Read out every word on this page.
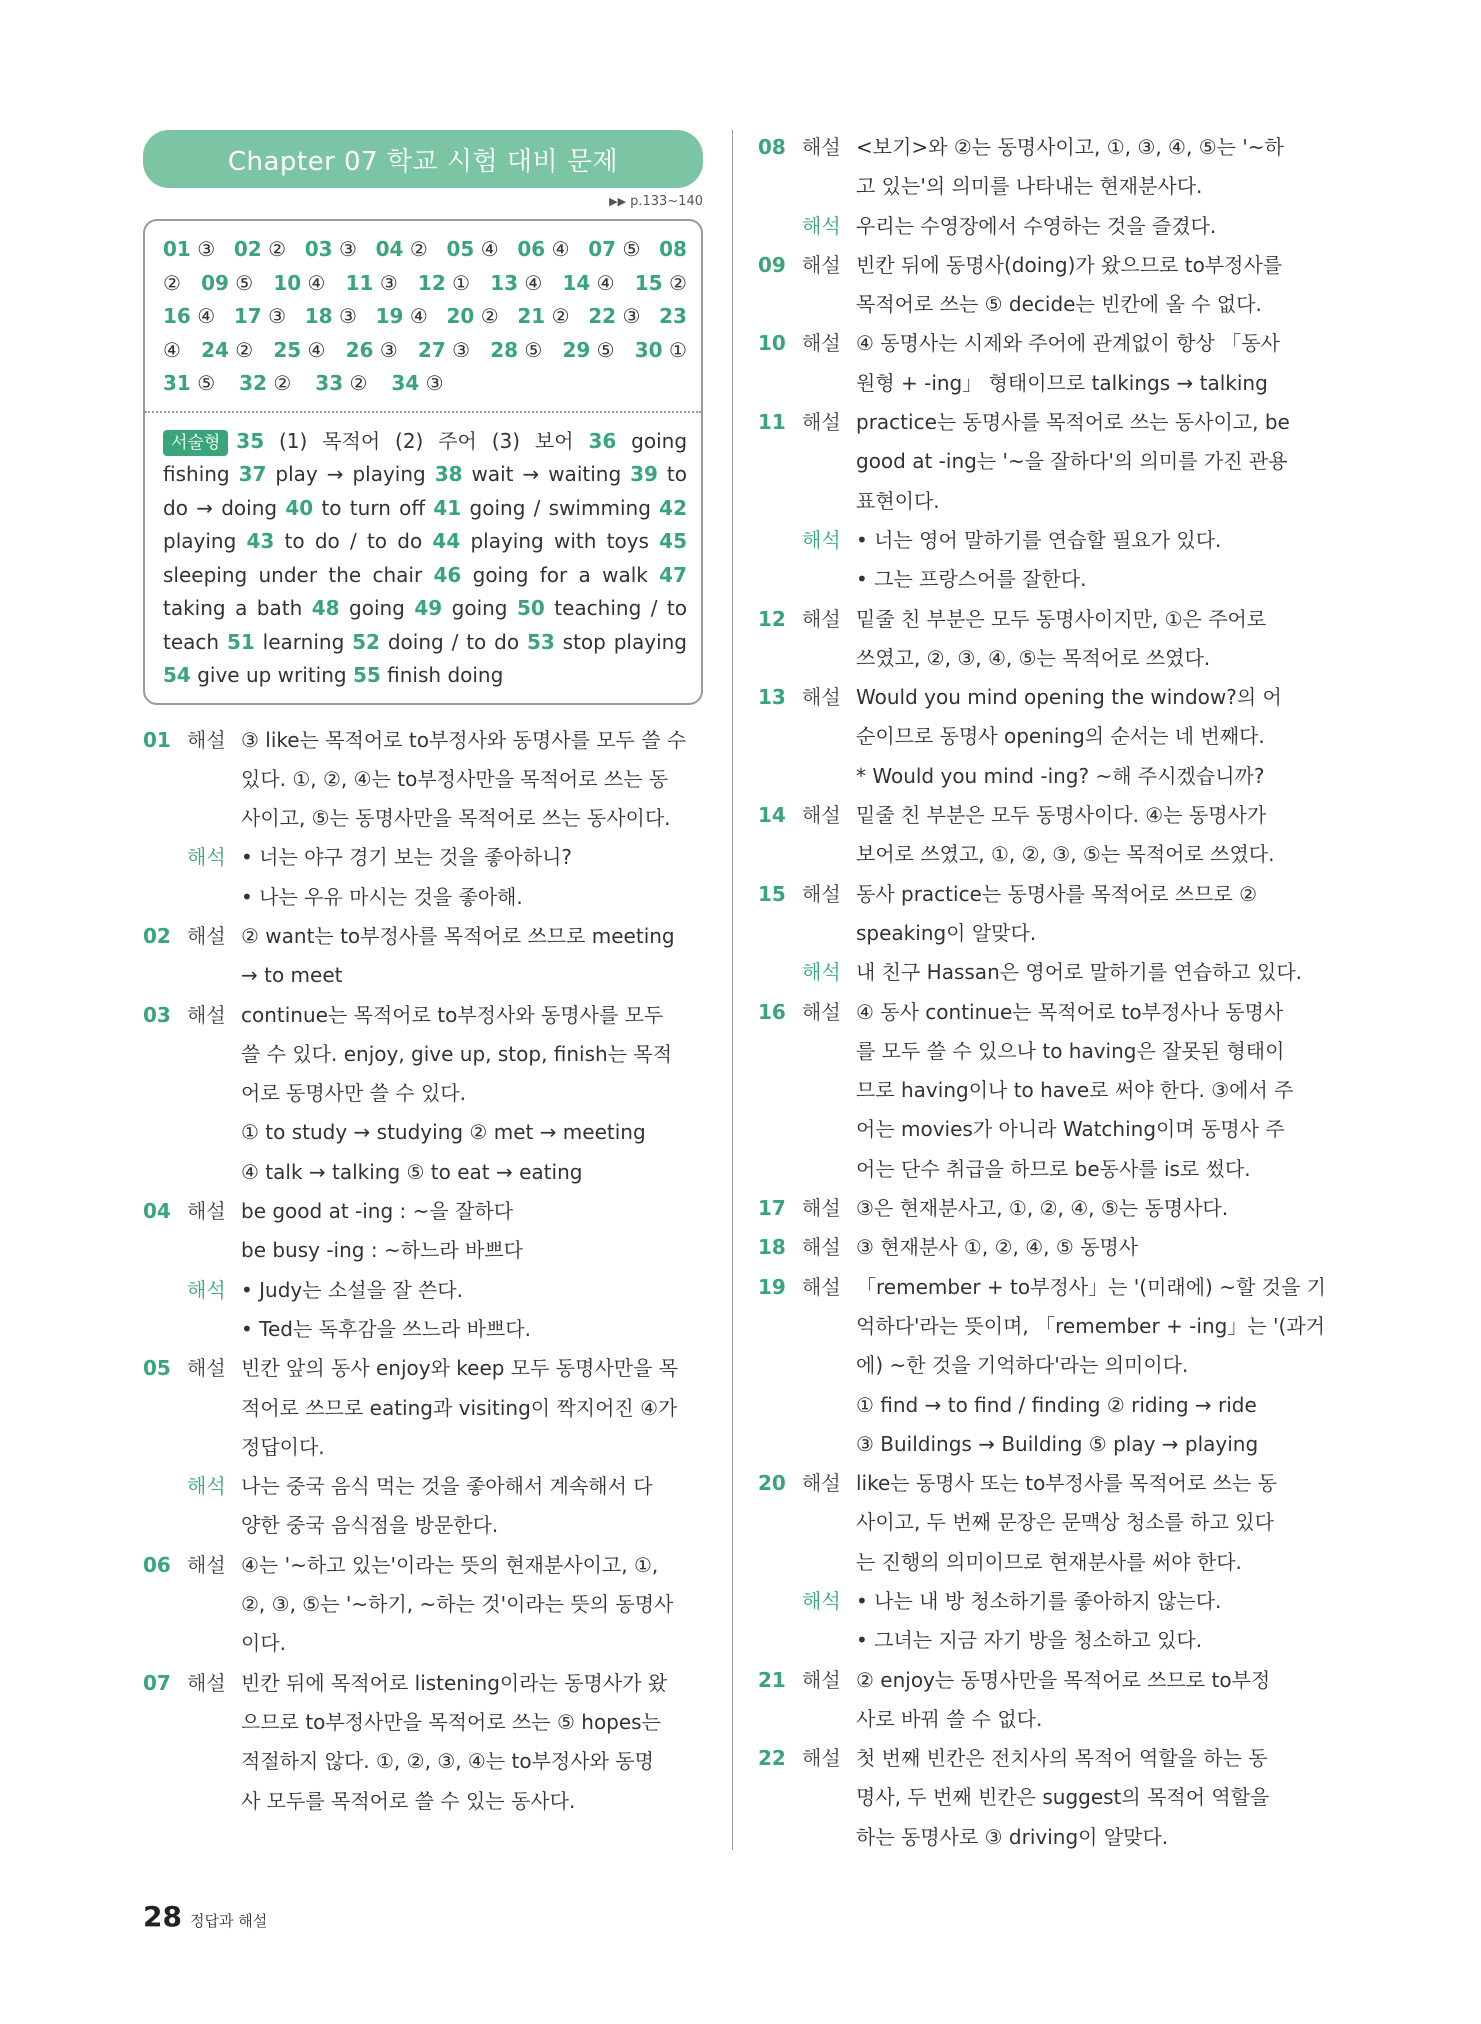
Chapter 07 학교 시험 대비 문제
▶▶ p.133~140
01 ③ 02 ② 03 ③ 04 ② 05 ④ 06 ④ 07 ⑤ 08
② 09 ⑤ 10 ④ 11 ③ 12 ① 13 ④ 14 ④ 15 ②
16 ④ 17 ③ 18 ③ 19 ④ 20 ② 21 ② 22 ③ 23
④ 24 ② 25 ④ 26 ③ 27 ③ 28 ⑤ 29 ⑤ 30 ①
31 ⑤ 32 ② 33 ② 34 ③
서술형 35 (1) 목적어 (2) 주어 (3) 보어 36 going fishing 37 play → playing 38 wait → waiting 39 to do → doing 40 to turn off 41 going / swimming 42 playing 43 to do / to do 44 playing with toys 45 sleeping under the chair 46 going for a walk 47 taking a bath 48 going 49 going 50 teaching / to teach 51 learning 52 doing / to do 53 stop playing 54 give up writing 55 finish doing
01 해설 ③ like는 목적어로 to부정사와 동명사를 모두 쓸 수
있다. ①, ②, ④는 to부정사만을 목적어로 쓰는 동
사이고, ⑤는 동명사만을 목적어로 쓰는 동사이다.
해석 • 너는 야구 경기 보는 것을 좋아하니?
• 나는 우유 마시는 것을 좋아해.
02 해설 ② want는 to부정사를 목적어로 쓰므로 meeting
→ to meet
03 해설 continue는 목적어로 to부정사와 동명사를 모두
쓸 수 있다. enjoy, give up, stop, finish는 목적
어로 동명사만 쓸 수 있다.
① to study → studying ② met → meeting
④ talk → talking ⑤ to eat → eating
04 해설 be good at -ing : ~을 잘하다
be busy -ing : ~하느라 바쁘다
해석 • Judy는 소설을 잘 쓴다.
• Ted는 독후감을 쓰느라 바쁘다.
05 해설 빈칸 앞의 동사 enjoy와 keep 모두 동명사만을 목
적어로 쓰므로 eating과 visiting이 짝지어진 ④가
정답이다.
해석 나는 중국 음식 먹는 것을 좋아해서 계속해서 다
양한 중국 음식점을 방문한다.
06 해설 ④는 '~하고 있는'이라는 뜻의 현재분사이고, ①,
②, ③, ⑤는 '~하기, ~하는 것'이라는 뜻의 동명사
이다.
07 해설 빈칸 뒤에 목적어로 listening이라는 동명사가 왔
으므로 to부정사만을 목적어로 쓰는 ⑤ hopes는
적절하지 않다. ①, ②, ③, ④는 to부정사와 동명
사 모두를 목적어로 쓸 수 있는 동사다.
08 해설 <보기>와 ②는 동명사이고, ①, ③, ④, ⑤는 '~하
고 있는'의 의미를 나타내는 현재분사다.
해석 우리는 수영장에서 수영하는 것을 즐겼다.
09 해설 빈칸 뒤에 동명사(doing)가 왔으므로 to부정사를
목적어로 쓰는 ⑤ decide는 빈칸에 올 수 없다.
10 해설 ④ 동명사는 시제와 주어에 관계없이 항상 「동사
원형 + -ing」 형태이므로 talkings → talking
11 해설 practice는 동명사를 목적어로 쓰는 동사이고, be
good at -ing는 '~을 잘하다'의 의미를 가진 관용
표현이다.
해석 • 너는 영어 말하기를 연습할 필요가 있다.
• 그는 프랑스어를 잘한다.
12 해설 밑줄 친 부분은 모두 동명사이지만, ①은 주어로
쓰였고, ②, ③, ④, ⑤는 목적어로 쓰였다.
13 해설 Would you mind opening the window?의 어
순이므로 동명사 opening의 순서는 네 번째다.
* Would you mind -ing? ~해 주시겠습니까?
14 해설 밑줄 친 부분은 모두 동명사이다. ④는 동명사가
보어로 쓰였고, ①, ②, ③, ⑤는 목적어로 쓰였다.
15 해설 동사 practice는 동명사를 목적어로 쓰므로 ②
speaking이 알맞다.
해석 내 친구 Hassan은 영어로 말하기를 연습하고 있다.
16 해설 ④ 동사 continue는 목적어로 to부정사나 동명사
를 모두 쓸 수 있으나 to having은 잘못된 형태이
므로 having이나 to have로 써야 한다. ③에서 주
어는 movies가 아니라 Watching이며 동명사 주
어는 단수 취급을 하므로 be동사를 is로 썼다.
17 해설 ③은 현재분사고, ①, ②, ④, ⑤는 동명사다.
18 해설 ③ 현재분사 ①, ②, ④, ⑤ 동명사
19 해설 「remember + to부정사」는 '(미래에) ~할 것을 기
억하다'라는 뜻이며, 「remember + -ing」는 '(과거
에) ~한 것을 기억하다'라는 의미이다.
① find → to find / finding ② riding → ride
③ Buildings → Building ⑤ play → playing
20 해설 like는 동명사 또는 to부정사를 목적어로 쓰는 동
사이고, 두 번째 문장은 문맥상 청소를 하고 있다
는 진행의 의미이므로 현재분사를 써야 한다.
해석 • 나는 내 방 청소하기를 좋아하지 않는다.
• 그녀는 지금 자기 방을 청소하고 있다.
21 해설 ② enjoy는 동명사만을 목적어로 쓰므로 to부정
사로 바꿔 쓸 수 없다.
22 해설 첫 번째 빈칸은 전치사의 목적어 역할을 하는 동
명사, 두 번째 빈칸은 suggest의 목적어 역할을
하는 동명사로 ③ driving이 알맞다.
28 정답과 해설
